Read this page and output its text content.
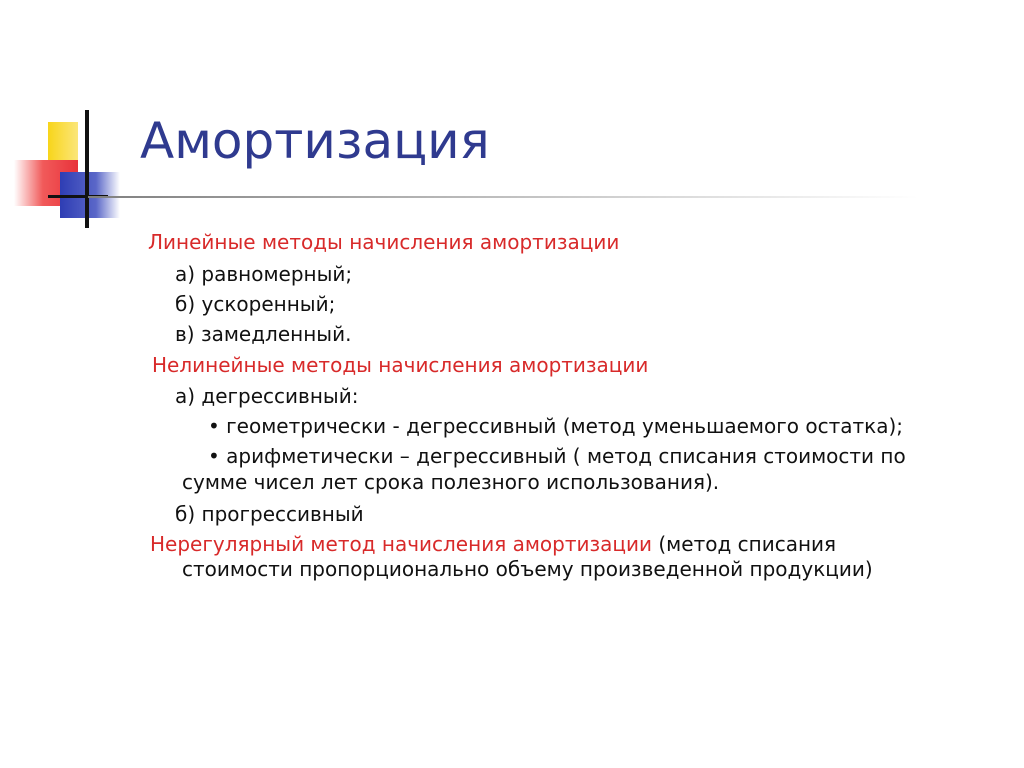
Амортизация

Линейные методы начисления амортизации

а) равномерный;

б) ускоренный;

в) замедленный.

Нелинейные методы начисления амортизации

а) дегрессивный:

• геометрически - дегрессивный (метод уменьшаемого остатка);

• арифметически – дегрессивный ( метод списания стоимости по

сумме чисел лет срока полезного использования).

б) прогрессивный

Нерегулярный метод начисления амортизации (метод списания

стоимости пропорционально объему произведенной продукции)
